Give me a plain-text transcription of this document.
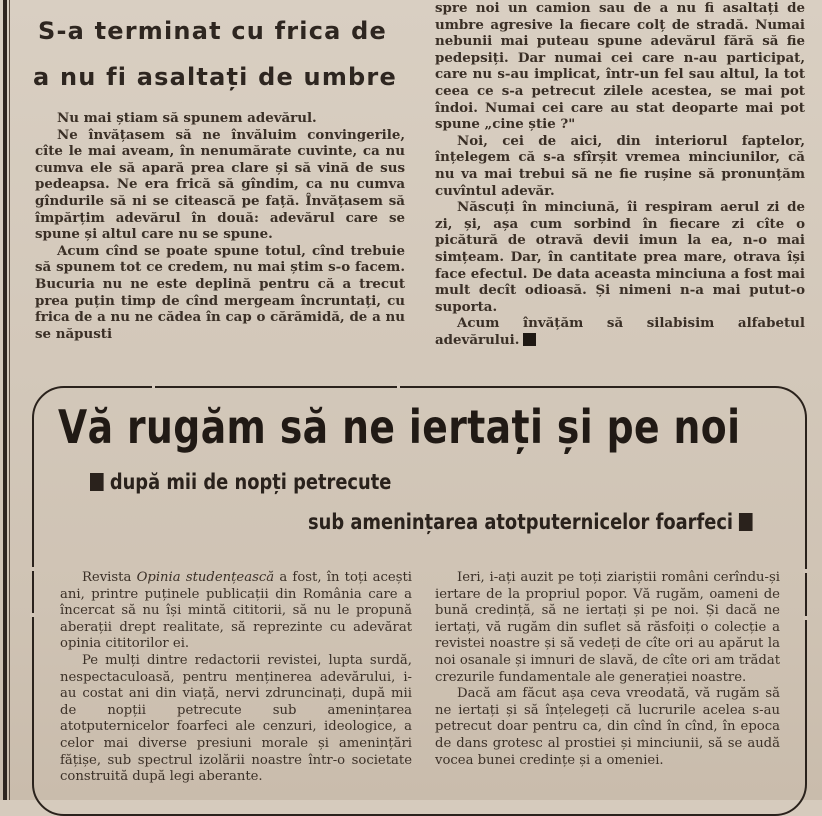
S-a terminat cu frica de
a nu fi asaltați de umbre

Nu mai știam să spunem adevărul.

Ne învățasem să ne învăluim convingerile, cîte le mai aveam, în nenumărate cuvinte, ca nu cumva ele să apară prea clare și să vină de sus pedeapsa. Ne era frică să gîndim, ca nu cumva gîndurile să ni se citească pe față. Învățasem să împărțim adevărul în două: adevărul care se spune și altul care nu se spune.

Acum cînd se poate spune totul, cînd trebuie să spunem tot ce credem, nu mai știm s-o facem. Bucuria nu ne este deplină pentru că a trecut prea puțin timp de cînd mergeam încruntați, cu frica de a nu ne cădea în cap o cărămidă, de a nu se năpusti

spre noi un camion sau de a nu fi asaltați de umbre agresive la fiecare colț de stradă. Numai nebunii mai puteau spune adevărul fără să fie pedepsiți. Dar numai cei care n-au participat, care nu s-au implicat, într-un fel sau altul, la tot ceea ce s-a petrecut zilele acestea, se mai pot îndoi. Numai cei care au stat deoparte mai pot spune „cine știe ?"

Noi, cei de aici, din interiorul faptelor, înțelegem că s-a sfîrșit vremea minciunilor, că nu va mai trebui să ne fie rușine să pronunțăm cuvîntul adevăr.

Născuți în minciună, îi respiram aerul zi de zi, și, așa cum sorbind în fiecare zi cîte o picătură de otravă devii imun la ea, n-o mai simțeam. Dar, în cantitate prea mare, otrava își face efectul. De data aceasta minciuna a fost mai mult decît odioasă. Și nimeni n-a mai putut-o suporta.

Acum învățăm să silabisim alfabetul adevărului.

Vă rugăm să ne iertați și pe noi
după mii de nopți petrecute
sub amenințarea atotputernicelor foarfeci

Revista Opinia studențească a fost, în toți acești ani, printre puținele publicații din România care a încercat să nu își mintă cititorii, să nu le propună aberații drept realitate, să reprezinte cu adevărat opinia cititorilor ei.

Pe mulți dintre redactorii revistei, lupta surdă, nespectaculoasă, pentru menținerea adevărului, i-au costat ani din viață, nervi zdruncinați, după mii de nopții petrecute sub amenințarea atotputernicelor foarfeci ale cenzuri, ideologice, a celor mai diverse presiuni morale și amenințări fățișe, sub spectrul izolării noastre într-o societate construită după legi aberante.

Ieri, i-ați auzit pe toți ziariștii români cerîndu-și iertare de la propriul popor. Vă rugăm, oameni de bună credință, să ne iertați și pe noi. Și dacă ne iertați, vă rugăm din suflet să răsfoiți o colecție a revistei noastre și să vedeți de cîte ori au apărut la noi osanale și imnuri de slavă, de cîte ori am trădat crezurile fundamentale ale generației noastre.

Dacă am făcut așa ceva vreodată, vă rugăm să ne iertați și să înțelegeți că lucrurile acelea s-au petrecut doar pentru ca, din cînd în cînd, în epoca de dans grotesc al prostiei și minciunii, să se audă vocea bunei credințe și a omeniei.
